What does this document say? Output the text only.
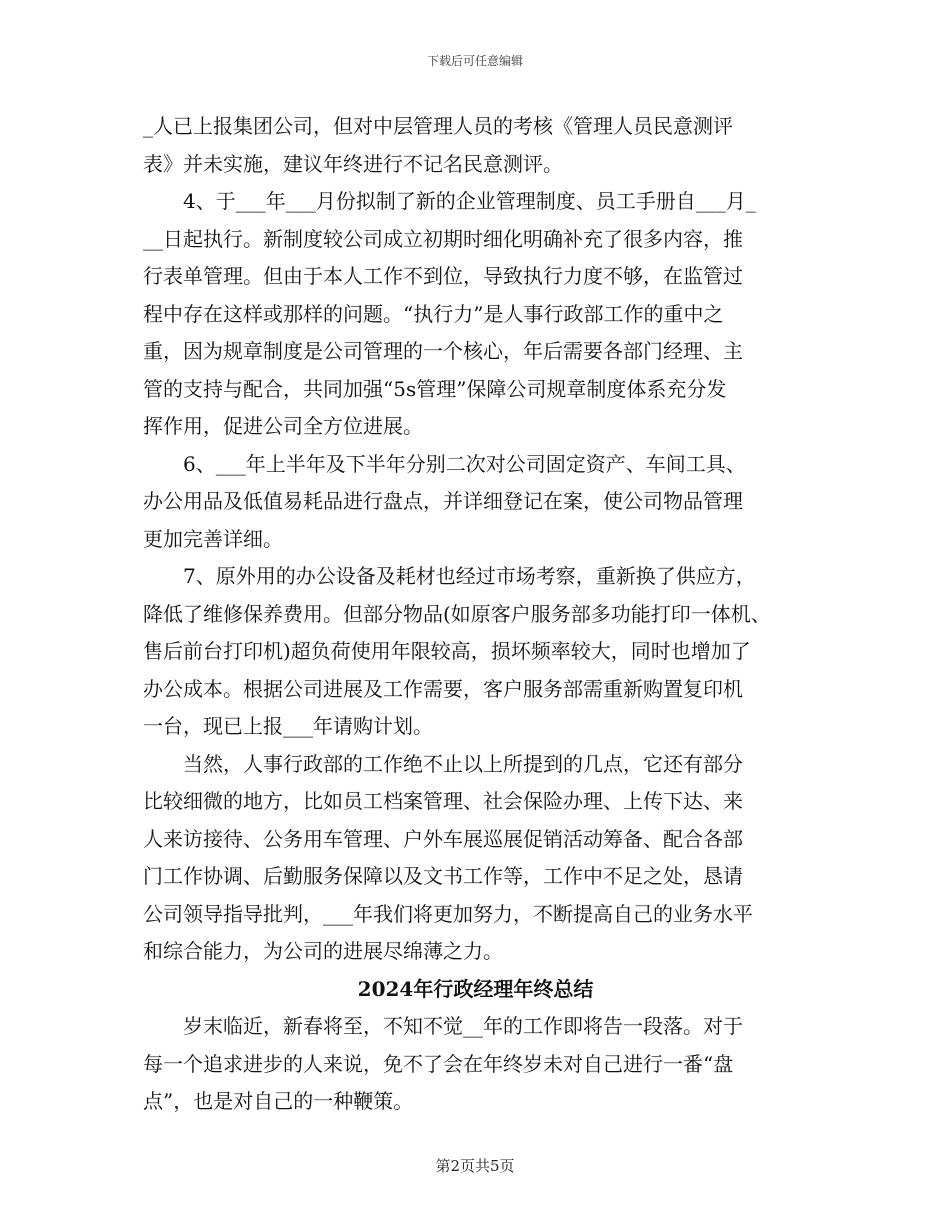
下载后可任意编辑
_人已上报集团公司，但对中层管理人员的考核《管理人员民意测评
表》并未实施，建议年终进行不记名民意测评。
4、于___年___月份拟制了新的企业管理制度、员工手册自___月_
__日起执行。新制度较公司成立初期时细化明确补充了很多内容，推
行表单管理。但由于本人工作不到位，导致执行力度不够，在监管过
程中存在这样或那样的问题。“执行力”是人事行政部工作的重中之
重，因为规章制度是公司管理的一个核心，年后需要各部门经理、主
管的支持与配合，共同加强“5s管理”保障公司规章制度体系充分发
挥作用，促进公司全方位进展。
6、___年上半年及下半年分别二次对公司固定资产、车间工具、
办公用品及低值易耗品进行盘点，并详细登记在案，使公司物品管理
更加完善详细。
7、原外用的办公设备及耗材也经过市场考察，重新换了供应方，
降低了维修保养费用。但部分物品(如原客户服务部多功能打印一体机、
售后前台打印机)超负荷使用年限较高，损坏频率较大，同时也增加了
办公成本。根据公司进展及工作需要，客户服务部需重新购置复印机
一台，现已上报___年请购计划。
当然，人事行政部的工作绝不止以上所提到的几点，它还有部分
比较细微的地方，比如员工档案管理、社会保险办理、上传下达、来
人来访接待、公务用车管理、户外车展巡展促销活动筹备、配合各部
门工作协调、后勤服务保障以及文书工作等，工作中不足之处，恳请
公司领导指导批判，___年我们将更加努力，不断提高自己的业务水平
和综合能力，为公司的进展尽绵薄之力。
2024年行政经理年终总结
岁末临近，新春将至，不知不觉__年的工作即将告一段落。对于
每一个追求进步的人来说，免不了会在年终岁未对自己进行一番“盘
点”，也是对自己的一种鞭策。
第2页共5页
